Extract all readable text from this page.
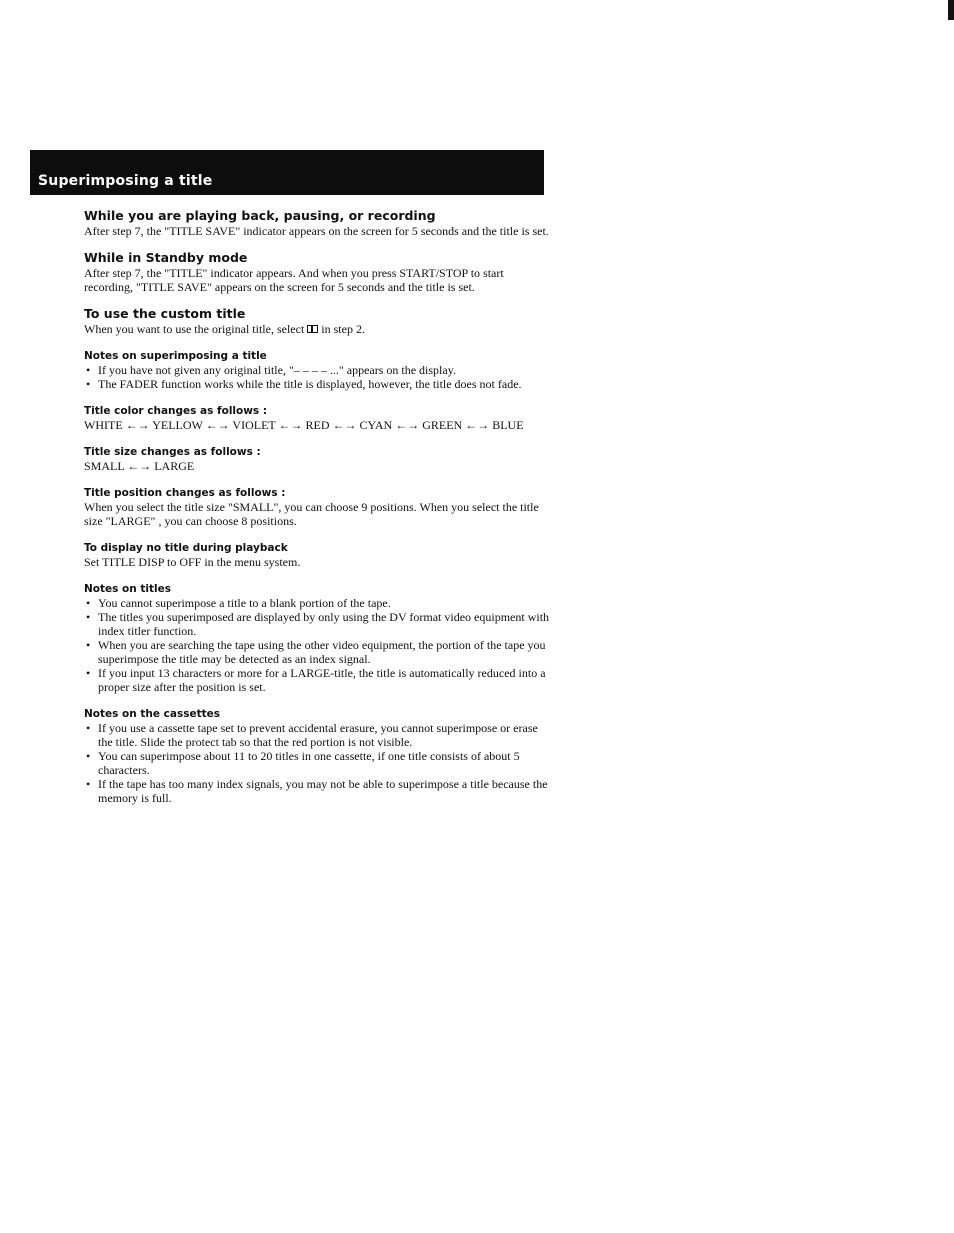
Superimposing a title
While you are playing back, pausing, or recording

After step 7, the "TITLE SAVE" indicator appears on the screen for 5 seconds and the title is set.

While in Standby mode

After step 7, the "TITLE" indicator appears. And when you press START/STOP to start recording, "TITLE SAVE" appears on the screen for 5 seconds and the title is set.

To use the custom title

When you want to use the original title, select in step 2.

Notes on superimposing a title
• If you have not given any original title, "– – – – ..." appears on the display.
• The FADER function works while the title is displayed, however, the title does not fade.
Title color changes as follows :

WHITE ←→ YELLOW ←→ VIOLET ←→ RED ←→ CYAN ←→ GREEN ←→ BLUE

Title size changes as follows :

SMALL ←→ LARGE

Title position changes as follows :

When you select the title size "SMALL", you can choose 9 positions. When you select the title size "LARGE" , you can choose 8 positions.

To display no title during playback

Set TITLE DISP to OFF in the menu system.

Notes on titles
• You cannot superimpose a title to a blank portion of the tape.
• The titles you superimposed are displayed by only using the DV format video equipment with index titler function.
• When you are searching the tape using the other video equipment, the portion of the tape you superimpose the title may be detected as an index signal.
• If you input 13 characters or more for a LARGE-title, the title is automatically reduced into a proper size after the position is set.
Notes on the cassettes
• If you use a cassette tape set to prevent accidental erasure, you cannot superimpose or erase the title. Slide the protect tab so that the red portion is not visible.
• You can superimpose about 11 to 20 titles in one cassette, if one title consists of about 5 characters.
• If the tape has too many index signals, you may not be able to superimpose a title because the memory is full.
